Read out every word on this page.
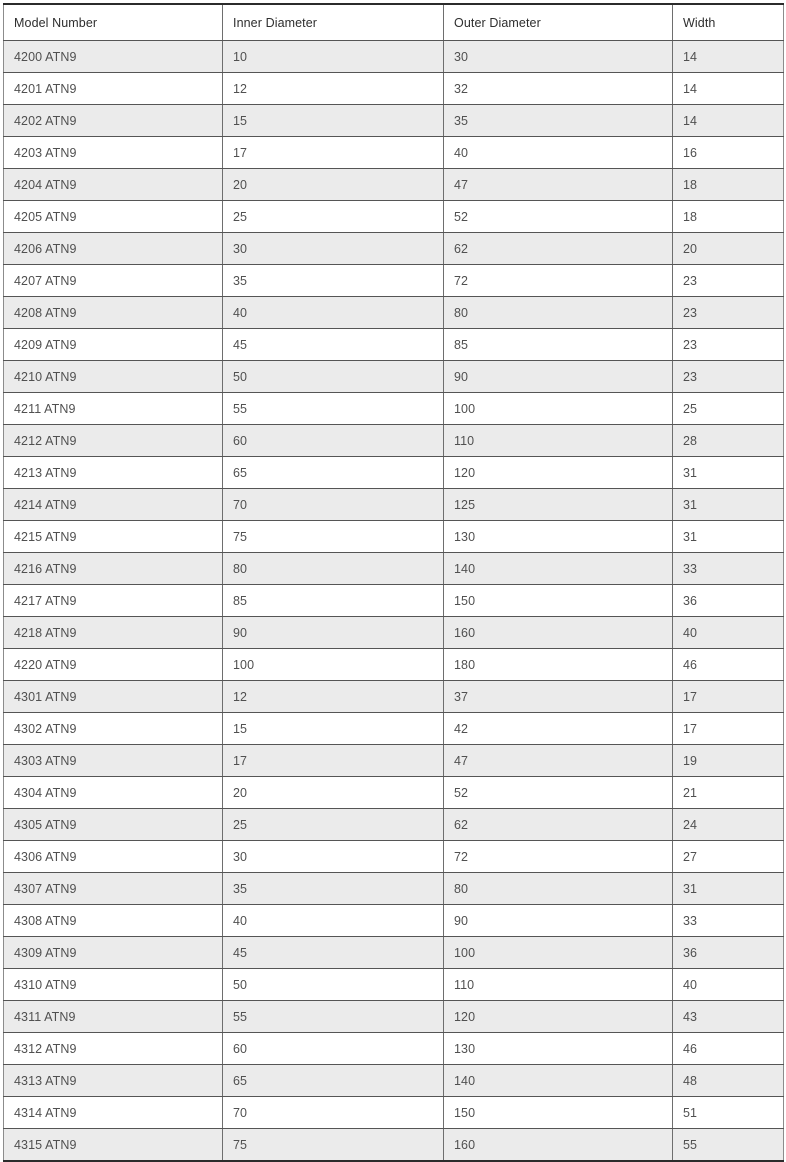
Model Number	Inner Diameter	Outer Diameter	Width
4200 ATN9	10	30	14
4201 ATN9	12	32	14
4202 ATN9	15	35	14
4203 ATN9	17	40	16
4204 ATN9	20	47	18
4205 ATN9	25	52	18
4206 ATN9	30	62	20
4207 ATN9	35	72	23
4208 ATN9	40	80	23
4209 ATN9	45	85	23
4210 ATN9	50	90	23
4211 ATN9	55	100	25
4212 ATN9	60	110	28
4213 ATN9	65	120	31
4214 ATN9	70	125	31
4215 ATN9	75	130	31
4216 ATN9	80	140	33
4217 ATN9	85	150	36
4218 ATN9	90	160	40
4220 ATN9	100	180	46
4301 ATN9	12	37	17
4302 ATN9	15	42	17
4303 ATN9	17	47	19
4304 ATN9	20	52	21
4305 ATN9	25	62	24
4306 ATN9	30	72	27
4307 ATN9	35	80	31
4308 ATN9	40	90	33
4309 ATN9	45	100	36
4310 ATN9	50	110	40
4311 ATN9	55	120	43
4312 ATN9	60	130	46
4313 ATN9	65	140	48
4314 ATN9	70	150	51
4315 ATN9	75	160	55
